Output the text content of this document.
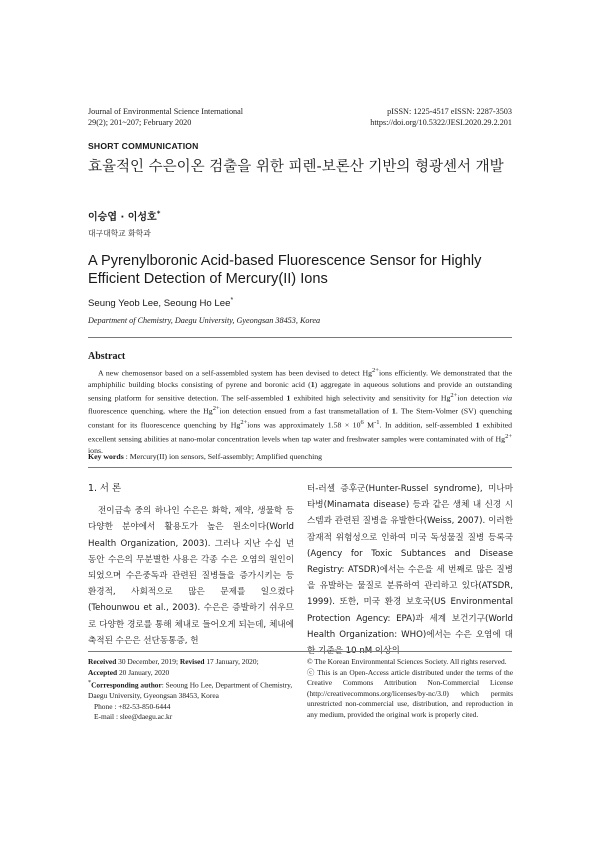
Journal of Environmental Science International
29(2); 201~207; February 2020
pISSN: 1225-4517 eISSN: 2287-3503
https://doi.org/10.5322/JESI.2020.29.2.201
SHORT COMMUNICATION
효율적인 수은이온 검출을 위한 피렌-보론산 기반의 형광센서 개발
이승엽 · 이성호*
대구대학교 화학과
A Pyrenylboronic Acid-based Fluorescence Sensor for Highly Efficient Detection of Mercury(II) Ions
Seung Yeob Lee, Seoung Ho Lee*
Department of Chemistry, Daegu University, Gyeongsan 38453, Korea
Abstract
A new chemosensor based on a self-assembled system has been devised to detect $Hg^{2+}ions$ efficiently. We demonstrated that the amphiphilic building blocks consisting of pyrene and boronic acid (1) aggregate in aqueous solutions and provide an outstanding sensing platform for sensitive detection. The self-assembled 1 exhibited high selectivity and sensitivity for $Hg^{2+}ion$ detection via fluorescence quenching, where the $Hg^{2+}ion$ detection ensued from a fast transmetallation of 1. The Stern-Volmer (SV) quenching constant for its fluorescence quenching by $Hg^{2+}ions$ was approximately $1.58 \times 10^6$ $M^{-1}$. In addition, self-assembled 1 exhibited excellent sensing abilities at nano-molar concentration levels when tap water and freshwater samples were contaminated with of $Hg^{2+}$ ions.
Key words : Mercury(II) ion sensors, Self-assembly; Amplified quenching
1. 서 론

전이금속 중의 하나인 수은은 화학, 제약, 생물학 등 다양한 분야에서 활용도가 높은 원소이다(World Health Organization, 2003). 그러나 지난 수십 년 동안 수은의 무분별한 사용은 각종 수은 오염의 원인이 되었으며 수은중독과 관련된 질병들을 증가시키는 등 환경적, 사회적으로 많은 문제를 일으켰다(Tehounwou et al., 2003). 수은은 증발하기 쉬우므로 다양한 경로를 통해 체내로 들어오게 되는데, 체내에 축적된 수은은 선단동통증, 헌

터-러셀 증후군(Hunter-Russel syndrome), 미나마타병(Minamata disease) 등과 같은 생체 내 신경 시스템과 관련된 질병을 유발한다(Weiss, 2007). 이러한 잠재적 위험성으로 인하여 미국 독성물질 질병 등록국(Agency for Toxic Subtances and Disease Registry: ATSDR)에서는 수은을 세 번째로 많은 질병을 유발하는 물질로 분류하여 관리하고 있다(ATSDR, 1999). 또한, 미국 환경 보호국(US Environmental Protection Agency: EPA)과 세계 보건기구(World Health Organization: WHO)에서는 수은 오염에 대한 기준을 10 nM 이상의

Received 30 December, 2019; Revised 17 January, 2020;
Accepted 20 January, 2020
*Corresponding author: Seoung Ho Lee, Department of Chemistry, Daegu University, Gyeongsan 38453, Korea
Phone : +82-53-850-6444
E-mail : slee@daegu.ac.kr
© The Korean Environmental Sciences Society. All rights reserved.
ⓒ This is an Open-Access article distributed under the terms of the Creative Commons Attribution Non-Commercial License (http://creativecommons.org/licenses/by-nc/3.0) which permits unrestricted non-commercial use, distribution, and reproduction in any medium, provided the original work is properly cited.
